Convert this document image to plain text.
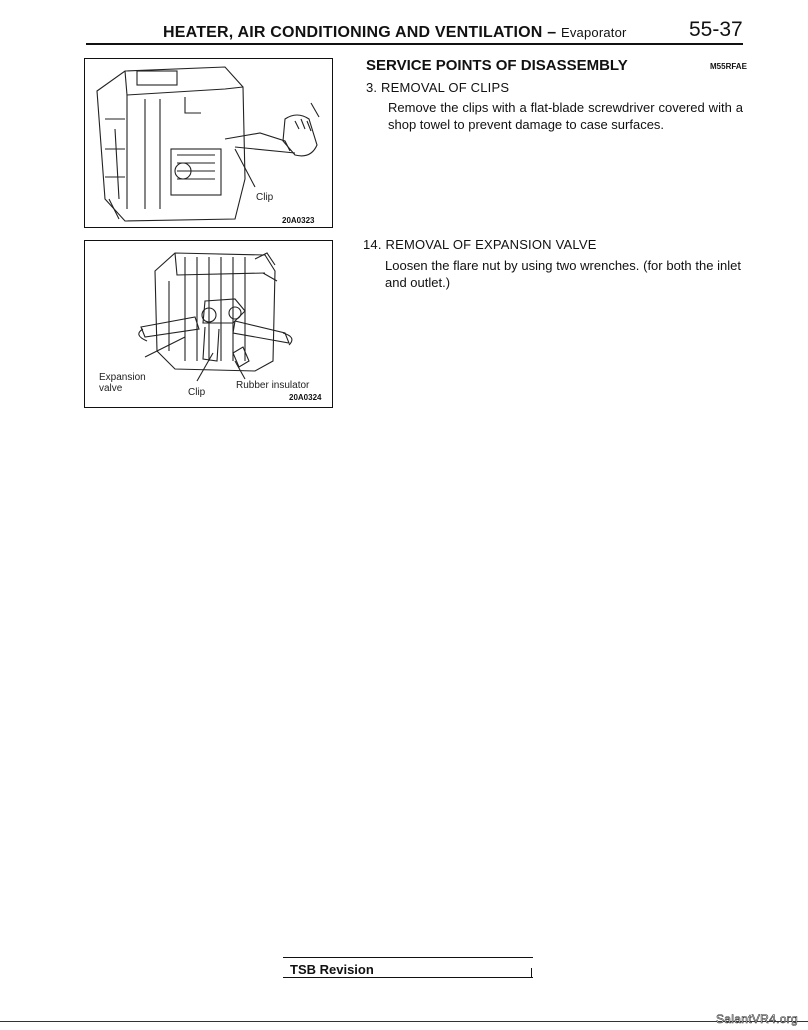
HEATER, AIR CONDITIONING AND VENTILATION – Evaporator	55-37
Clip
20A0323
Expansion
valve	Clip
Rubber insulator
20A0324
SERVICE POINTS OF DISASSEMBLY	M55RFAE
3. REMOVAL OF CLIPS
Remove the clips with a flat-blade screwdriver covered with a shop towel to prevent damage to case surfaces.
14. REMOVAL OF EXPANSION VALVE
Loosen the flare nut by using two wrenches. (for both the inlet and outlet.)
TSB Revision
SalantVR4.org
